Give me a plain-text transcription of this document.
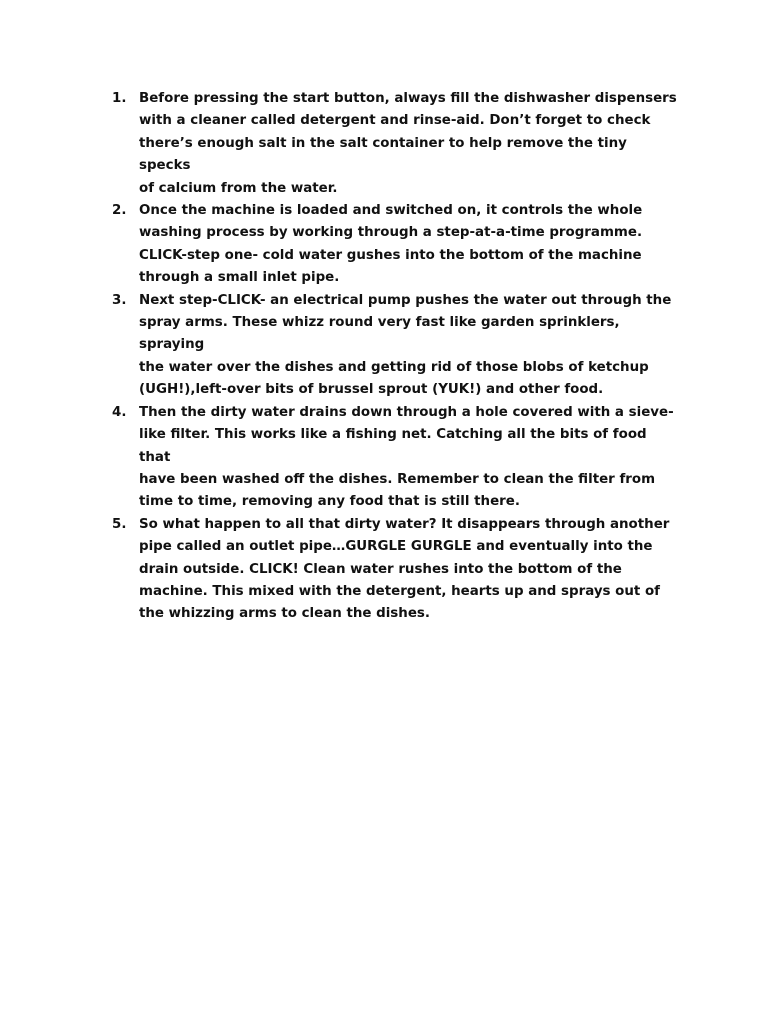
1. Before pressing the start button, always fill the dishwasher dispensers
with a cleaner called detergent and rinse-aid. Don’t forget to check
there’s enough salt in the salt container to help remove the tiny specks
of calcium from the water.
2. Once the machine is loaded and switched on, it controls the whole
washing process by working through a step-at-a-time programme.
CLICK-step one- cold water gushes into the bottom of the machine
through a small inlet pipe.
3. Next step-CLICK- an electrical pump pushes the water out through the
spray arms. These whizz round very fast like garden sprinklers, spraying
the water over the dishes and getting rid of those blobs of ketchup
(UGH!),left-over bits of brussel sprout (YUK!) and other food.
4. Then the dirty water drains down through a hole covered with a sieve-
like filter. This works like a fishing net. Catching all the bits of food that
have been washed off the dishes. Remember to clean the filter from
time to time, removing any food that is still there.
5. So what happen to all that dirty water? It disappears through another
pipe called an outlet pipe…GURGLE GURGLE and eventually into the
drain outside. CLICK! Clean water rushes into the bottom of the
machine. This mixed with the detergent, hearts up and sprays out of
the whizzing arms to clean the dishes.
